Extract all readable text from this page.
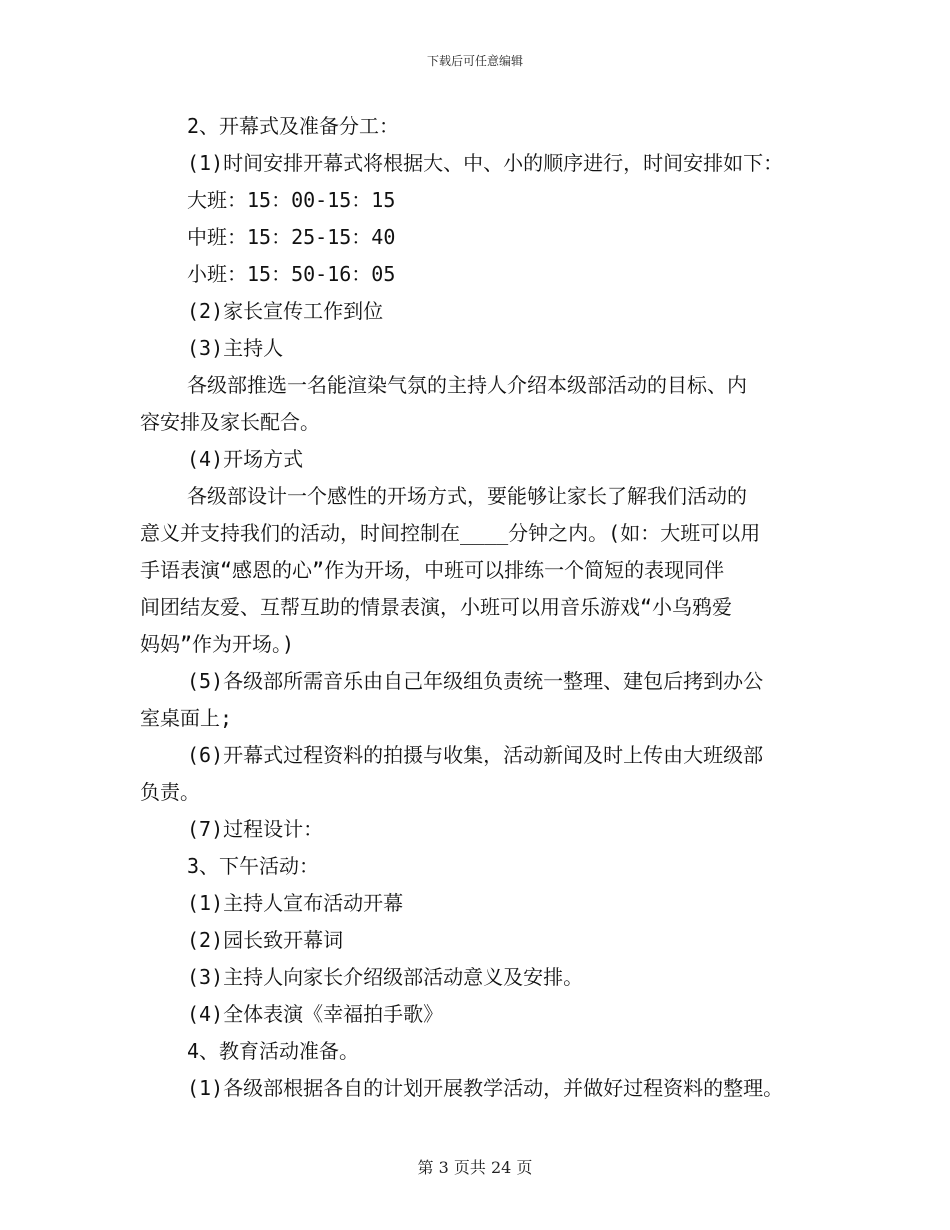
下载后可任意编辑
2、开幕式及准备分工：
(1)时间安排开幕式将根据大、中、小的顺序进行，时间安排如下：
大班：15：00-15：15
中班：15：25-15：40
小班：15：50-16：05
(2)家长宣传工作到位
(3)主持人
各级部推选一名能渲染气氛的主持人介绍本级部活动的目标、内
容安排及家长配合。
(4)开场方式
各级部设计一个感性的开场方式，要能够让家长了解我们活动的
意义并支持我们的活动，时间控制在____分钟之内。(如：大班可以用
手语表演“感恩的心”作为开场，中班可以排练一个简短的表现同伴
间团结友爱、互帮互助的情景表演，小班可以用音乐游戏“小乌鸦爱
妈妈”作为开场。)
(5)各级部所需音乐由自己年级组负责统一整理、建包后拷到办公
室桌面上;
(6)开幕式过程资料的拍摄与收集，活动新闻及时上传由大班级部
负责。
(7)过程设计：
3、下午活动：
(1)主持人宣布活动开幕
(2)园长致开幕词
(3)主持人向家长介绍级部活动意义及安排。
(4)全体表演《幸福拍手歌》
4、教育活动准备。
(1)各级部根据各自的计划开展教学活动，并做好过程资料的整理。
第 3 页共 24 页
